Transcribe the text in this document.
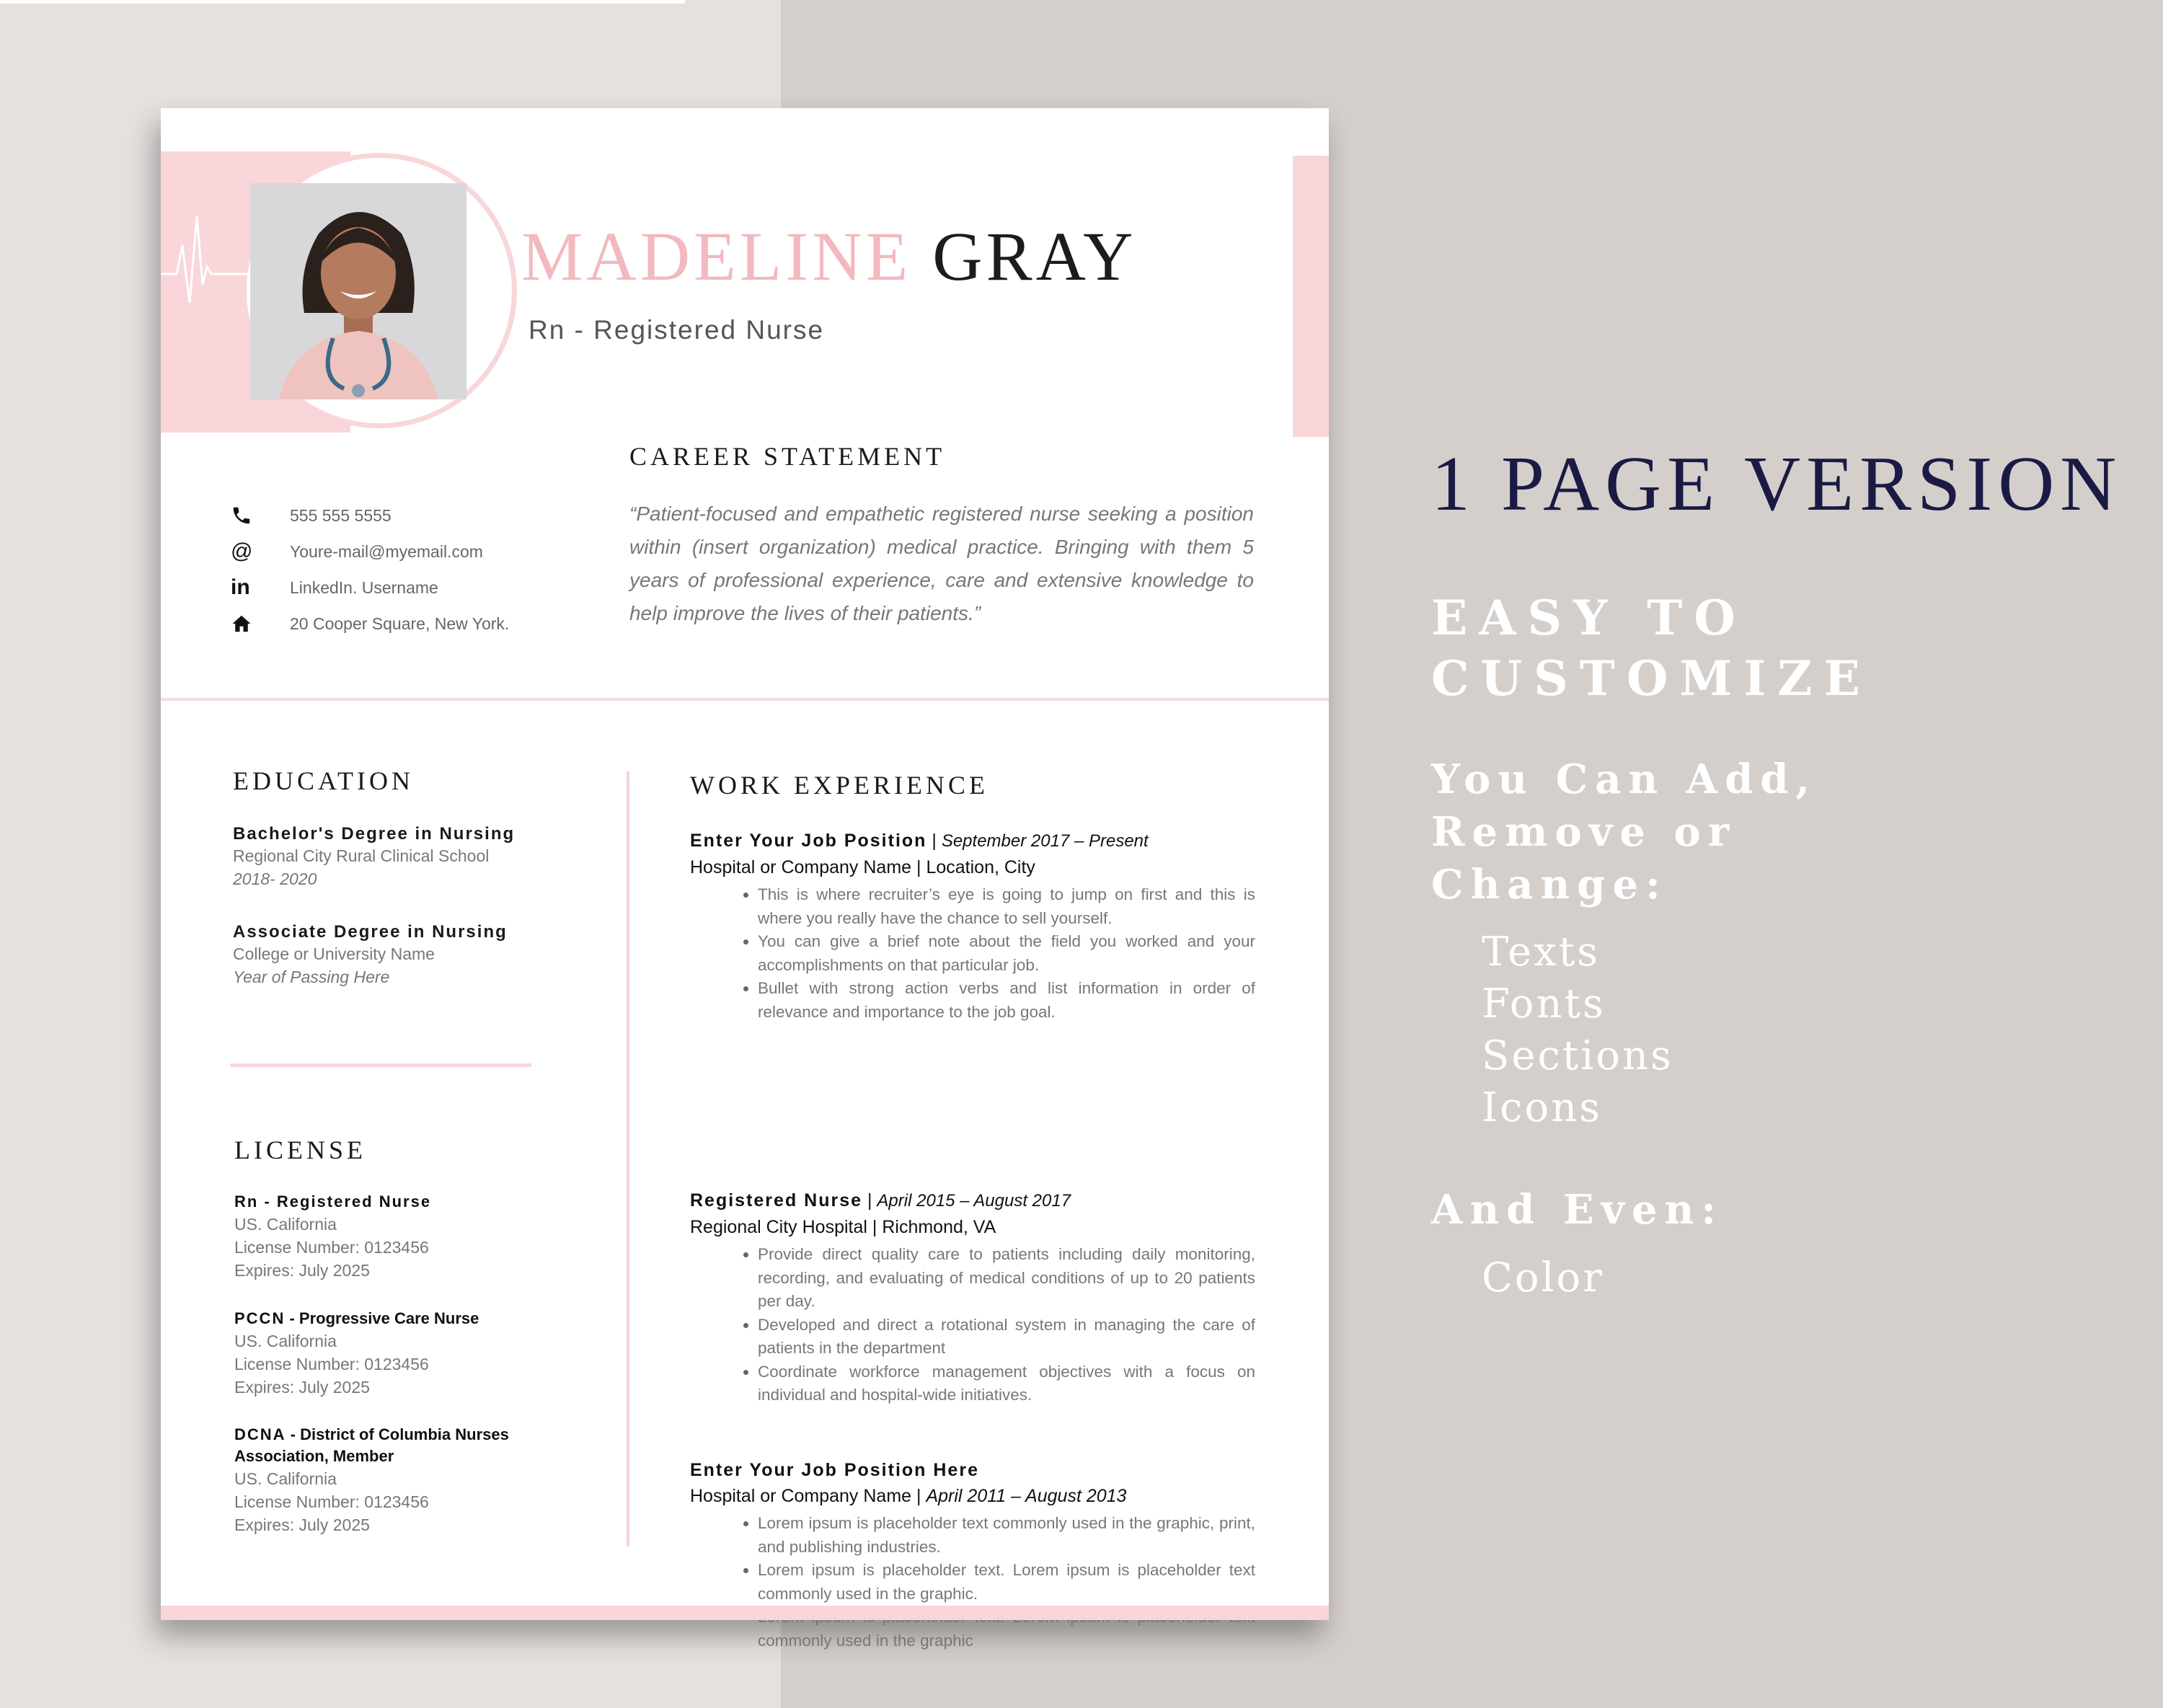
MADELINE GRAY
Rn - Registered Nurse
555 555 5555
@	Youre-mail@myemail.com
in	LinkedIn. Username
20 Cooper Square, New York.
CAREER STATEMENT
“Patient-focused and empathetic registered nurse seeking a position within (insert organization) medical practice. Bringing with them 5 years of professional experience, care and extensive knowledge to help improve the lives of their patients.”
EDUCATION
Bachelor's Degree in Nursing
Regional City Rural Clinical School
2018- 2020
Associate Degree in Nursing
College or University Name
Year of Passing Here
LICENSE
Rn - Registered Nurse
US. California
License Number: 0123456
Expires: July 2025
PCCN - Progressive Care Nurse
US. California
License Number: 0123456
Expires: July 2025
DCNA - District of Columbia Nurses Association, Member
US. California
License Number: 0123456
Expires: July 2025
WORK EXPERIENCE
Enter Your Job Position | September 2017 – Present
Hospital or Company Name | Location, City
• This is where recruiter’s eye is going to jump on first and this is where you really have the chance to sell yourself.
• You can give a brief note about the field you worked and your accomplishments on that particular job.
• Bullet with strong action verbs and list information in order of relevance and importance to the job goal.
Registered Nurse | April 2015 – August 2017
Regional City Hospital | Richmond, VA
• Provide direct quality care to patients including daily monitoring, recording, and evaluating of medical conditions of up to 20 patients per day.
• Developed and direct a rotational system in managing the care of patients in the department
• Coordinate workforce management objectives with a focus on individual and hospital-wide initiatives.
Enter Your Job Position Here
Hospital or Company Name | April 2011 – August 2013
• Lorem ipsum is placeholder text commonly used in the graphic, print, and publishing industries.
• Lorem ipsum is placeholder text. Lorem ipsum is placeholder text commonly used in the graphic.
• commonly used in the graphic
1 PAGE VERSION
EASY TO
CUSTOMIZE
You Can Add,
Remove or
Change:
Texts
Fonts
Sections
Icons
And Even:
Color
